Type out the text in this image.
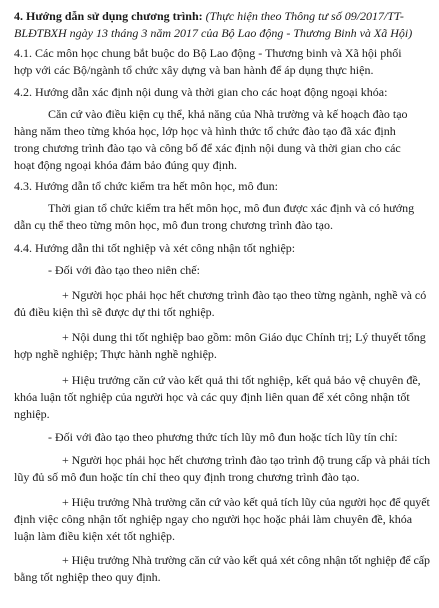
4. Hướng dẫn sử dụng chương trình: (Thực hiện theo Thông tư số 09/2017/TT-
BLĐTBXH ngày 13 tháng 3 năm 2017 của Bộ Lao động - Thương Binh và Xã Hội)
4.1. Các môn học chung bắt buộc do Bộ Lao động - Thương binh và Xã hội phối
hợp với các Bộ/ngành tổ chức xây dựng và ban hành để áp dụng thực hiện.
4.2. Hướng dẫn xác định nội dung và thời gian cho các hoạt động ngoại khóa:
Căn cứ vào điều kiện cụ thể, khả năng của Nhà trường và kế hoạch đào tạo
hàng năm theo từng khóa học, lớp học và hình thức tổ chức đào tạo đã xác định
trong chương trình đào tạo và công bố để xác định nội dung và thời gian cho các
hoạt động ngoại khóa đảm bảo đúng quy định.
4.3. Hướng dẫn tổ chức kiểm tra hết môn học, mô đun:
Thời gian tổ chức kiểm tra hết môn học, mô đun được xác định và có hướng
dẫn cụ thể theo từng môn học, mô đun trong chương trình đào tạo.
4.4. Hướng dẫn thi tốt nghiệp và xét công nhận tốt nghiệp:
- Đối với đào tạo theo niên chế:
+ Người học phải học hết chương trình đào tạo theo từng ngành, nghề và có
đủ điều kiện thì sẽ được dự thi tốt nghiệp.
+ Nội dung thi tốt nghiệp bao gồm: môn Giáo dục Chính trị; Lý thuyết tổng
hợp nghề nghiệp; Thực hành nghề nghiệp.
+ Hiệu trưởng căn cứ vào kết quả thi tốt nghiệp, kết quả bảo vệ chuyên đề,
khóa luận tốt nghiệp của người học và các quy định liên quan để xét công nhận tốt
nghiệp.
- Đối với đào tạo theo phương thức tích lũy mô đun hoặc tích lũy tín chỉ:
+ Người học phải học hết chương trình đào tạo trình độ trung cấp và phải tích
lũy đủ số mô đun hoặc tín chỉ theo quy định trong chương trình đào tạo.
+ Hiệu trưởng Nhà trường căn cứ vào kết quả tích lũy của người học để quyết
định việc công nhận tốt nghiệp ngay cho người học hoặc phải làm chuyên đề, khóa
luận làm điều kiện xét tốt nghiệp.
+ Hiệu trưởng Nhà trường căn cứ vào kết quả xét công nhận tốt nghiệp để cấp
bằng tốt nghiệp theo quy định.
